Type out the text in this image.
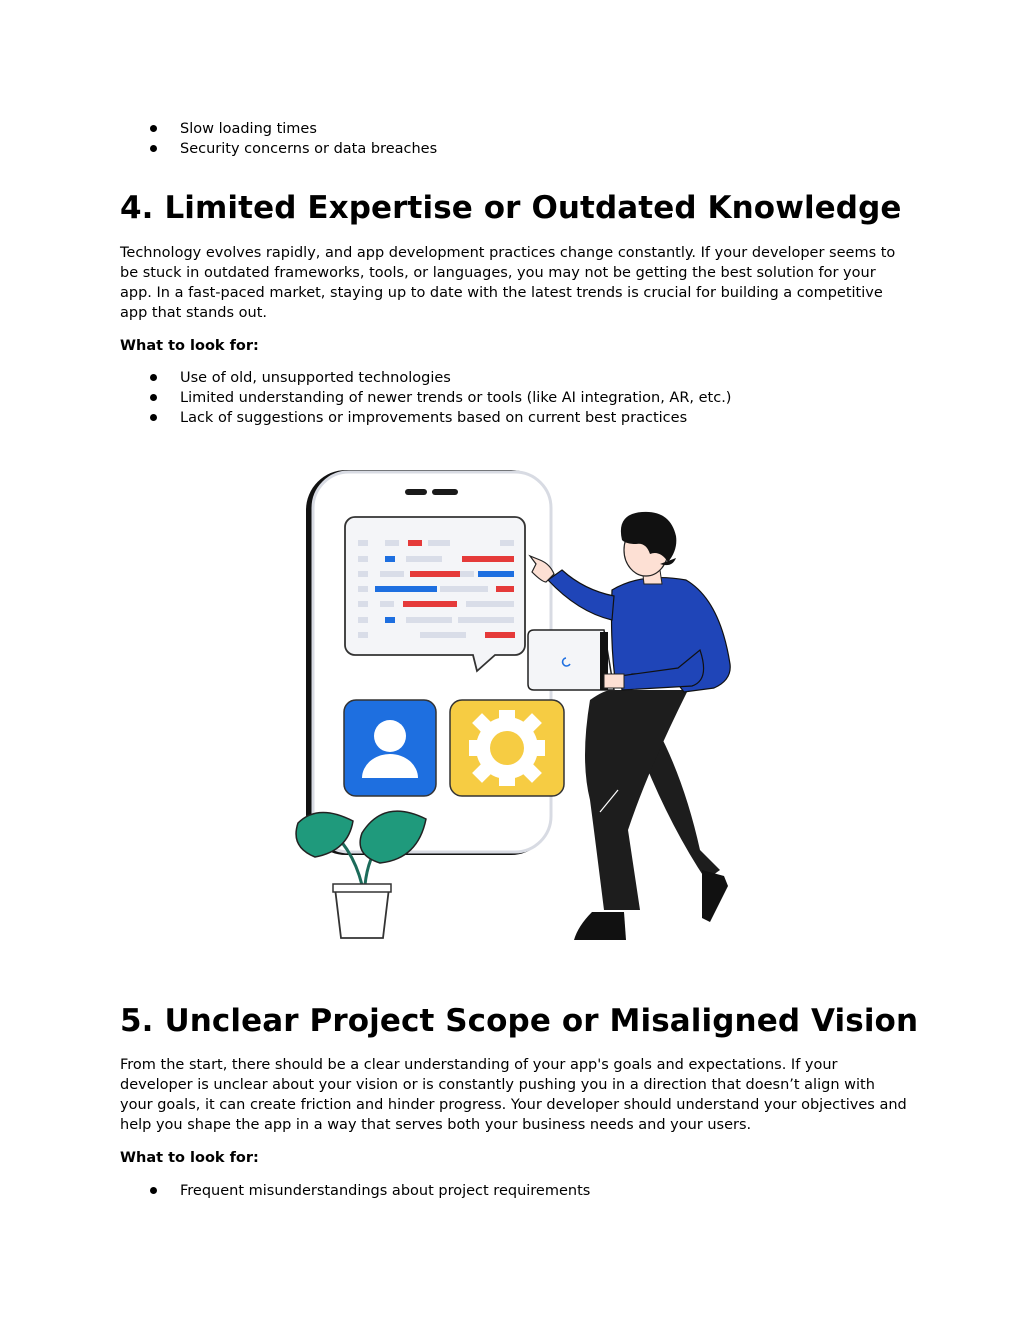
Slow loading times
Security concerns or data breaches
4. Limited Expertise or Outdated Knowledge

Technology evolves rapidly, and app development practices change constantly. If your developer seems to be stuck in outdated frameworks, tools, or languages, you may not be getting the best solution for your app. In a fast-paced market, staying up to date with the latest trends is crucial for building a competitive app that stands out.

What to look for:

Use of old, unsupported technologies
Limited understanding of newer trends or tools (like AI integration, AR, etc.)
Lack of suggestions or improvements based on current best practices
5. Unclear Project Scope or Misaligned Vision

From the start, there should be a clear understanding of your app's goals and expectations. If your developer is unclear about your vision or is constantly pushing you in a direction that doesn’t align with your goals, it can create friction and hinder progress. Your developer should understand your objectives and help you shape the app in a way that serves both your business needs and your users.

What to look for:

Frequent misunderstandings about project requirements
